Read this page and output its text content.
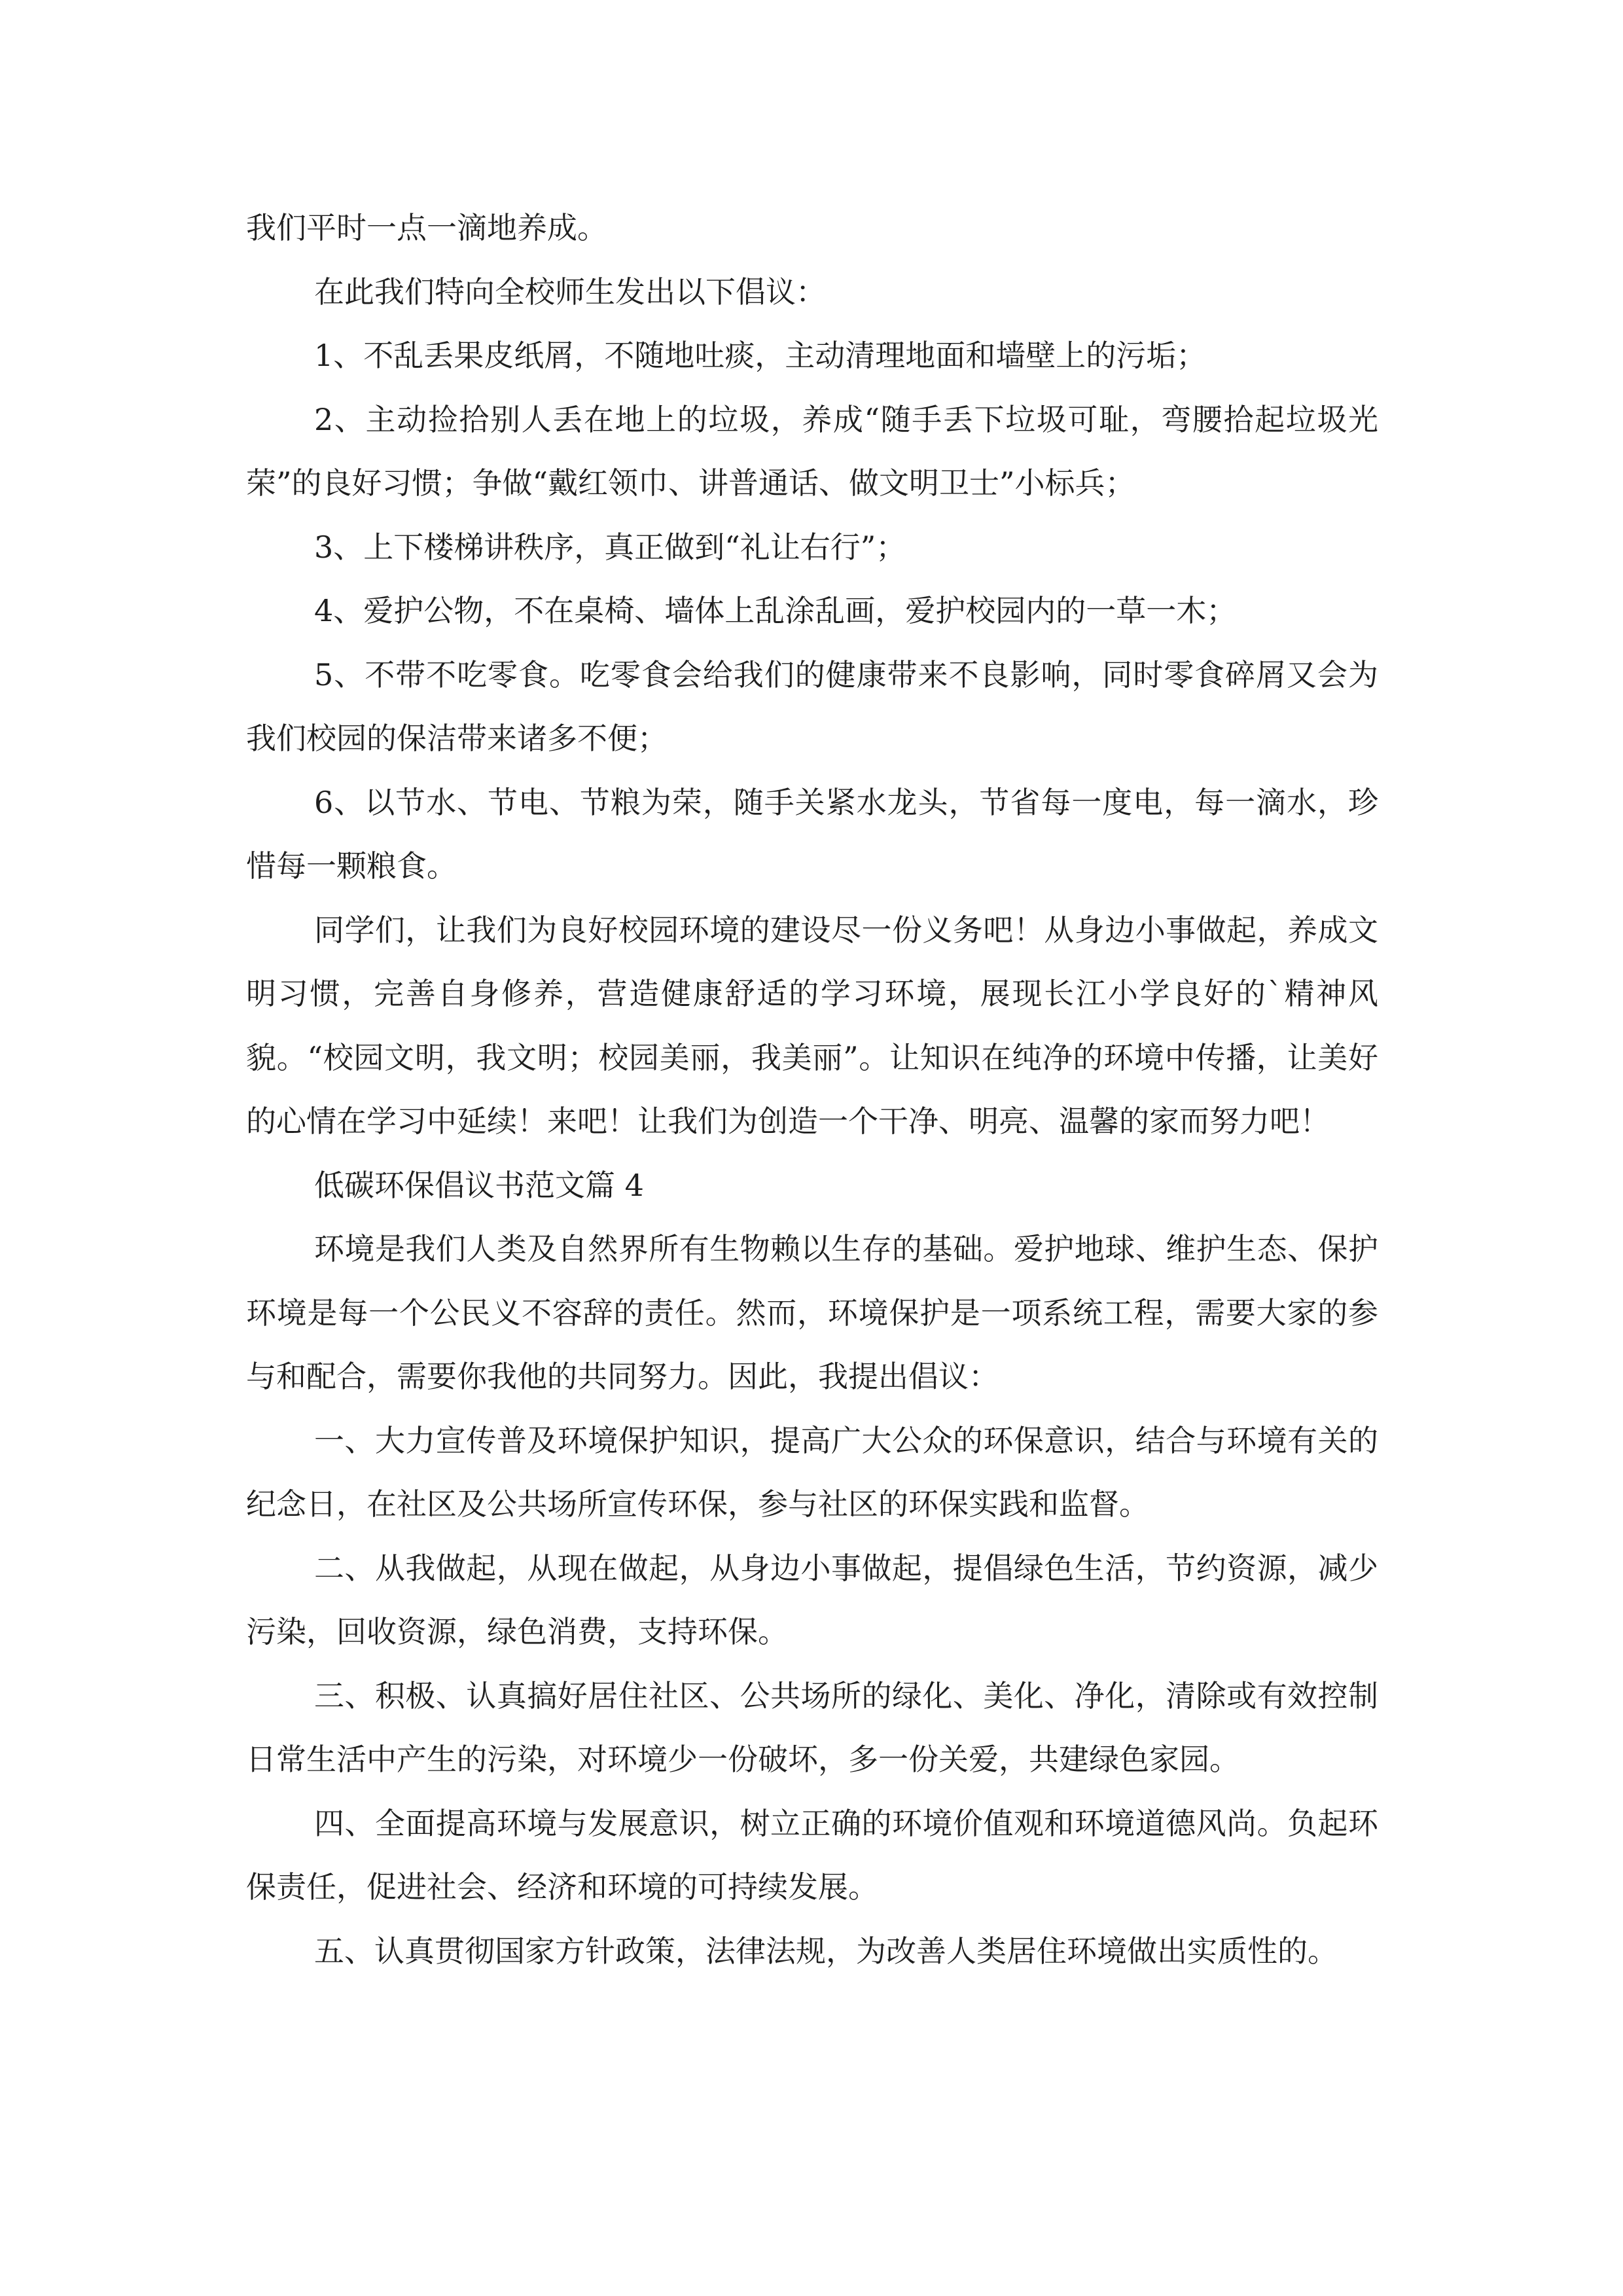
我们平时一点一滴地养成。

在此我们特向全校师生发出以下倡议：

1、不乱丢果皮纸屑，不随地吐痰，主动清理地面和墙壁上的污垢；

2、主动捡拾别人丢在地上的垃圾，养成“随手丢下垃圾可耻，弯腰拾起垃圾光荣”的良好习惯；争做“戴红领巾、讲普通话、做文明卫士”小标兵；

3、上下楼梯讲秩序，真正做到“礼让右行”；

4、爱护公物，不在桌椅、墙体上乱涂乱画，爱护校园内的一草一木；

5、不带不吃零食。吃零食会给我们的健康带来不良影响，同时零食碎屑又会为我们校园的保洁带来诸多不便；

6、以节水、节电、节粮为荣，随手关紧水龙头，节省每一度电，每一滴水，珍惜每一颗粮食。

同学们，让我们为良好校园环境的建设尽一份义务吧！从身边小事做起，养成文明习惯，完善自身修养，营造健康舒适的学习环境，展现长江小学良好的`精神风貌。“校园文明，我文明；校园美丽，我美丽”。让知识在纯净的环境中传播，让美好的心情在学习中延续！来吧！让我们为创造一个干净、明亮、温馨的家而努力吧！

低碳环保倡议书范文篇 4

环境是我们人类及自然界所有生物赖以生存的基础。爱护地球、维护生态、保护环境是每一个公民义不容辞的责任。然而，环境保护是一项系统工程，需要大家的参与和配合，需要你我他的共同努力。因此，我提出倡议：

一、大力宣传普及环境保护知识，提高广大公众的环保意识，结合与环境有关的纪念日，在社区及公共场所宣传环保，参与社区的环保实践和监督。

二、从我做起，从现在做起，从身边小事做起，提倡绿色生活，节约资源，减少污染，回收资源，绿色消费，支持环保。

三、积极、认真搞好居住社区、公共场所的绿化、美化、净化，清除或有效控制日常生活中产生的污染，对环境少一份破坏，多一份关爱，共建绿色家园。

四、全面提高环境与发展意识，树立正确的环境价值观和环境道德风尚。负起环保责任，促进社会、经济和环境的可持续发展。

五、认真贯彻国家方针政策，法律法规，为改善人类居住环境做出实质性的。
